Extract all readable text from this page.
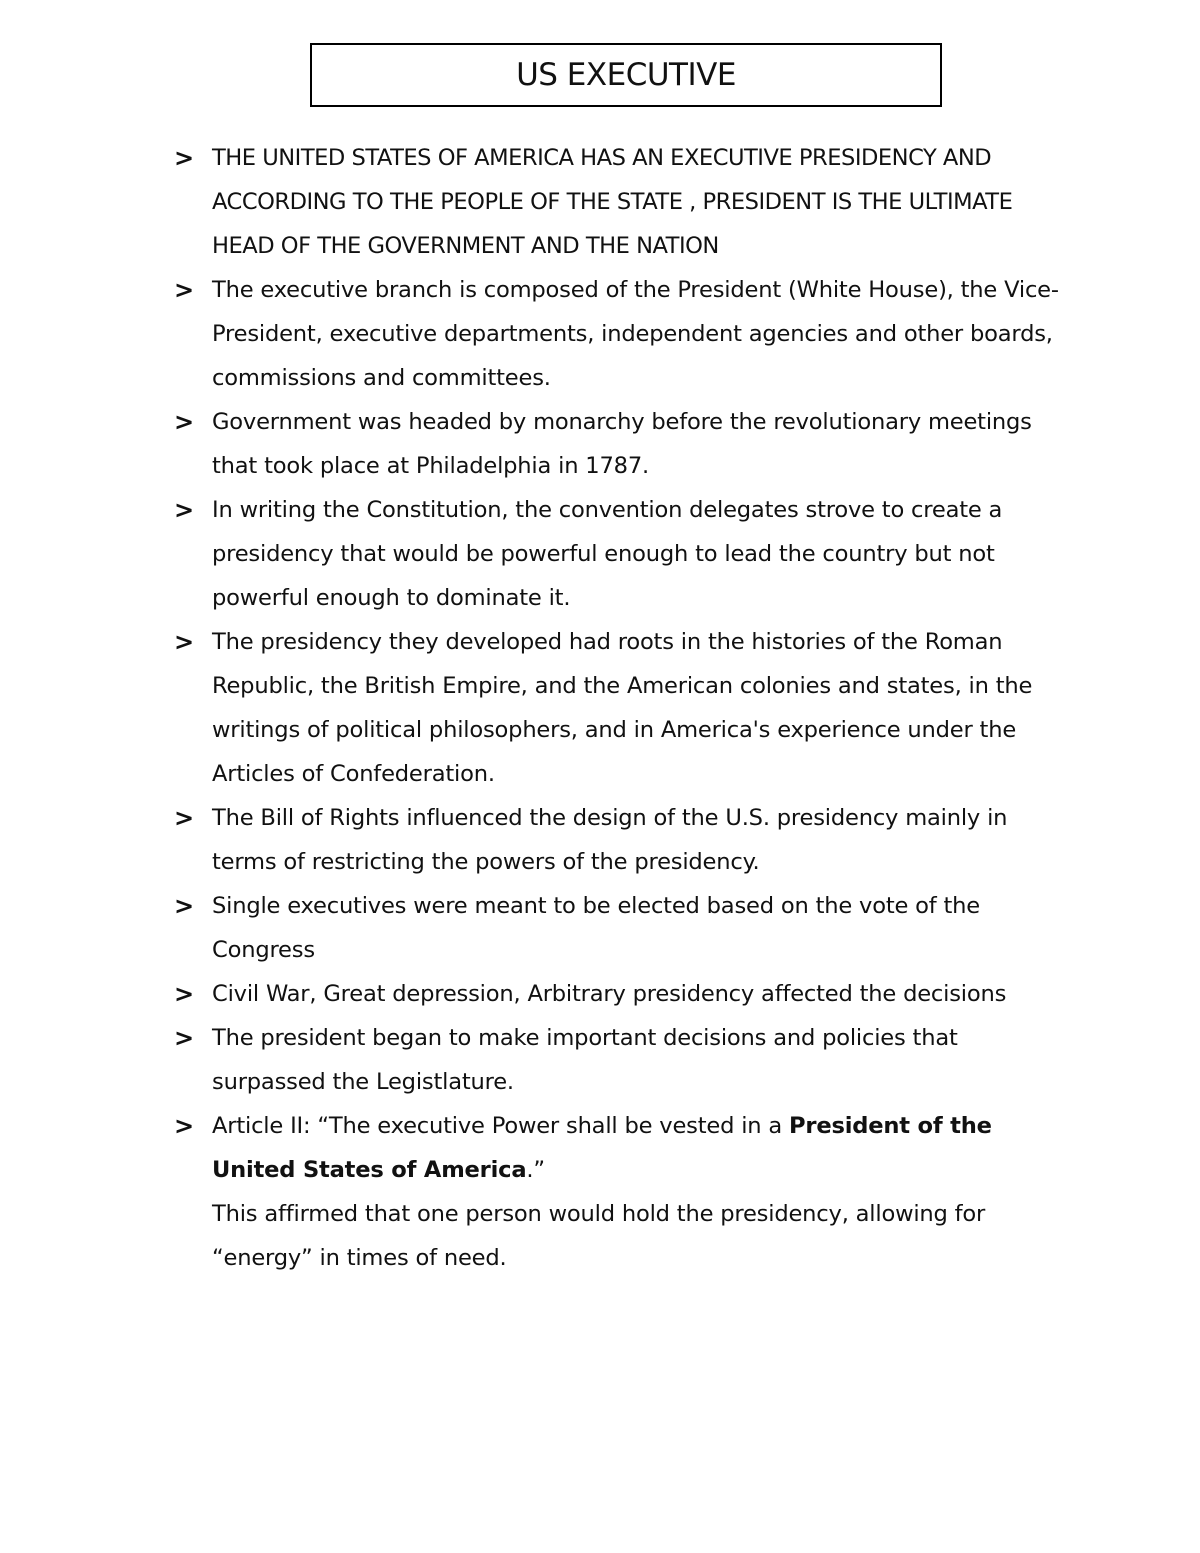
US EXECUTIVE
> THE UNITED STATES OF AMERICA HAS AN EXECUTIVE PRESIDENCY AND ACCORDING TO THE PEOPLE OF THE STATE , PRESIDENT IS THE ULTIMATE HEAD OF THE GOVERNMENT AND THE NATION
> The executive branch is composed of the President (White House), the Vice-President, executive departments, independent agencies and other boards, commissions and committees.
> Government was headed by monarchy before the revolutionary meetings that took place at Philadelphia in 1787.
> In writing the Constitution, the convention delegates strove to create a presidency that would be powerful enough to lead the country but not powerful enough to dominate it.
> The presidency they developed had roots in the histories of the Roman Republic, the British Empire, and the American colonies and states, in the writings of political philosophers, and in America's experience under the Articles of Confederation.
> The Bill of Rights influenced the design of the U.S. presidency mainly in terms of restricting the powers of the presidency.
> Single executives were meant to be elected based on the vote of the Congress
> Civil War, Great depression, Arbitrary presidency affected the decisions
> The president began to make important decisions and policies that surpassed the Legistlature.
> Article II: “The executive Power shall be vested in a President of the United States of America.”
This affirmed that one person would hold the presidency, allowing for “energy” in times of need.
